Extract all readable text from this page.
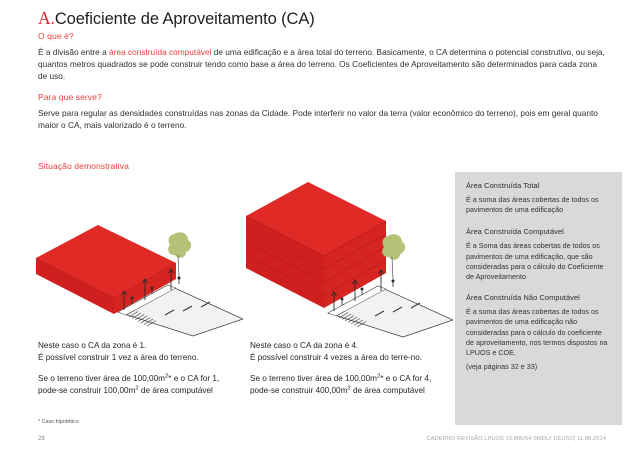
A.Coeficiente de Aproveitamento (CA)
O que é?
É a divisão entre a área construída computável de uma edificação e a área total do terreno. Basicamente, o CA determina o potencial construtivo, ou seja, quantos metros quadrados se pode construir tendo como base a área do terreno. Os Coeficientes de Aproveitamento são determinados para cada zona de uso.
Para que serve?
Serve para regular as densidades construídas nas zonas da Cidade. Pode interferir no valor da terra (valor econômico do terreno), pois em geral quanto maior o CA, mais valorizado é o terreno.
Situação demonstrativa
Neste caso o CA da zona é 1.
É possível construir 1 vez a área do terreno.
Se o terreno tiver área de $100,00m^2*$ e o CA for 1, pode-se construir $100,00m^2$ de área computável
Neste caso o CA da zona é 4.
É possível construir 4 vezes a área do terre-no.
Se o terreno tiver área de $100,00m^2*$ e o CA for 4, pode-se construir $400,00m^2$ de área computável
* Caso hipotético

Área Construída Total

É a soma das áreas cobertas de todos os pavimentos de uma edificação

Área Construída Computável

É a Soma das áreas cobertas de todos os pavimentos de uma edificação, que são consideradas para o cálculo do Coeficiente de Aproveitamento

Área Construída Não Computável

É a soma das áreas cobertas de todos os pavimentos de uma edificação não consideradas para o cálculo do coeficiente de aproveitamento, nos termos dispostos na LPUOS e COE.

(veja páginas 32 e 33)

28	CADERNO REVISÃO LPUOS 13.885/04 SMDU/ DEUSO| 11.08.2014
